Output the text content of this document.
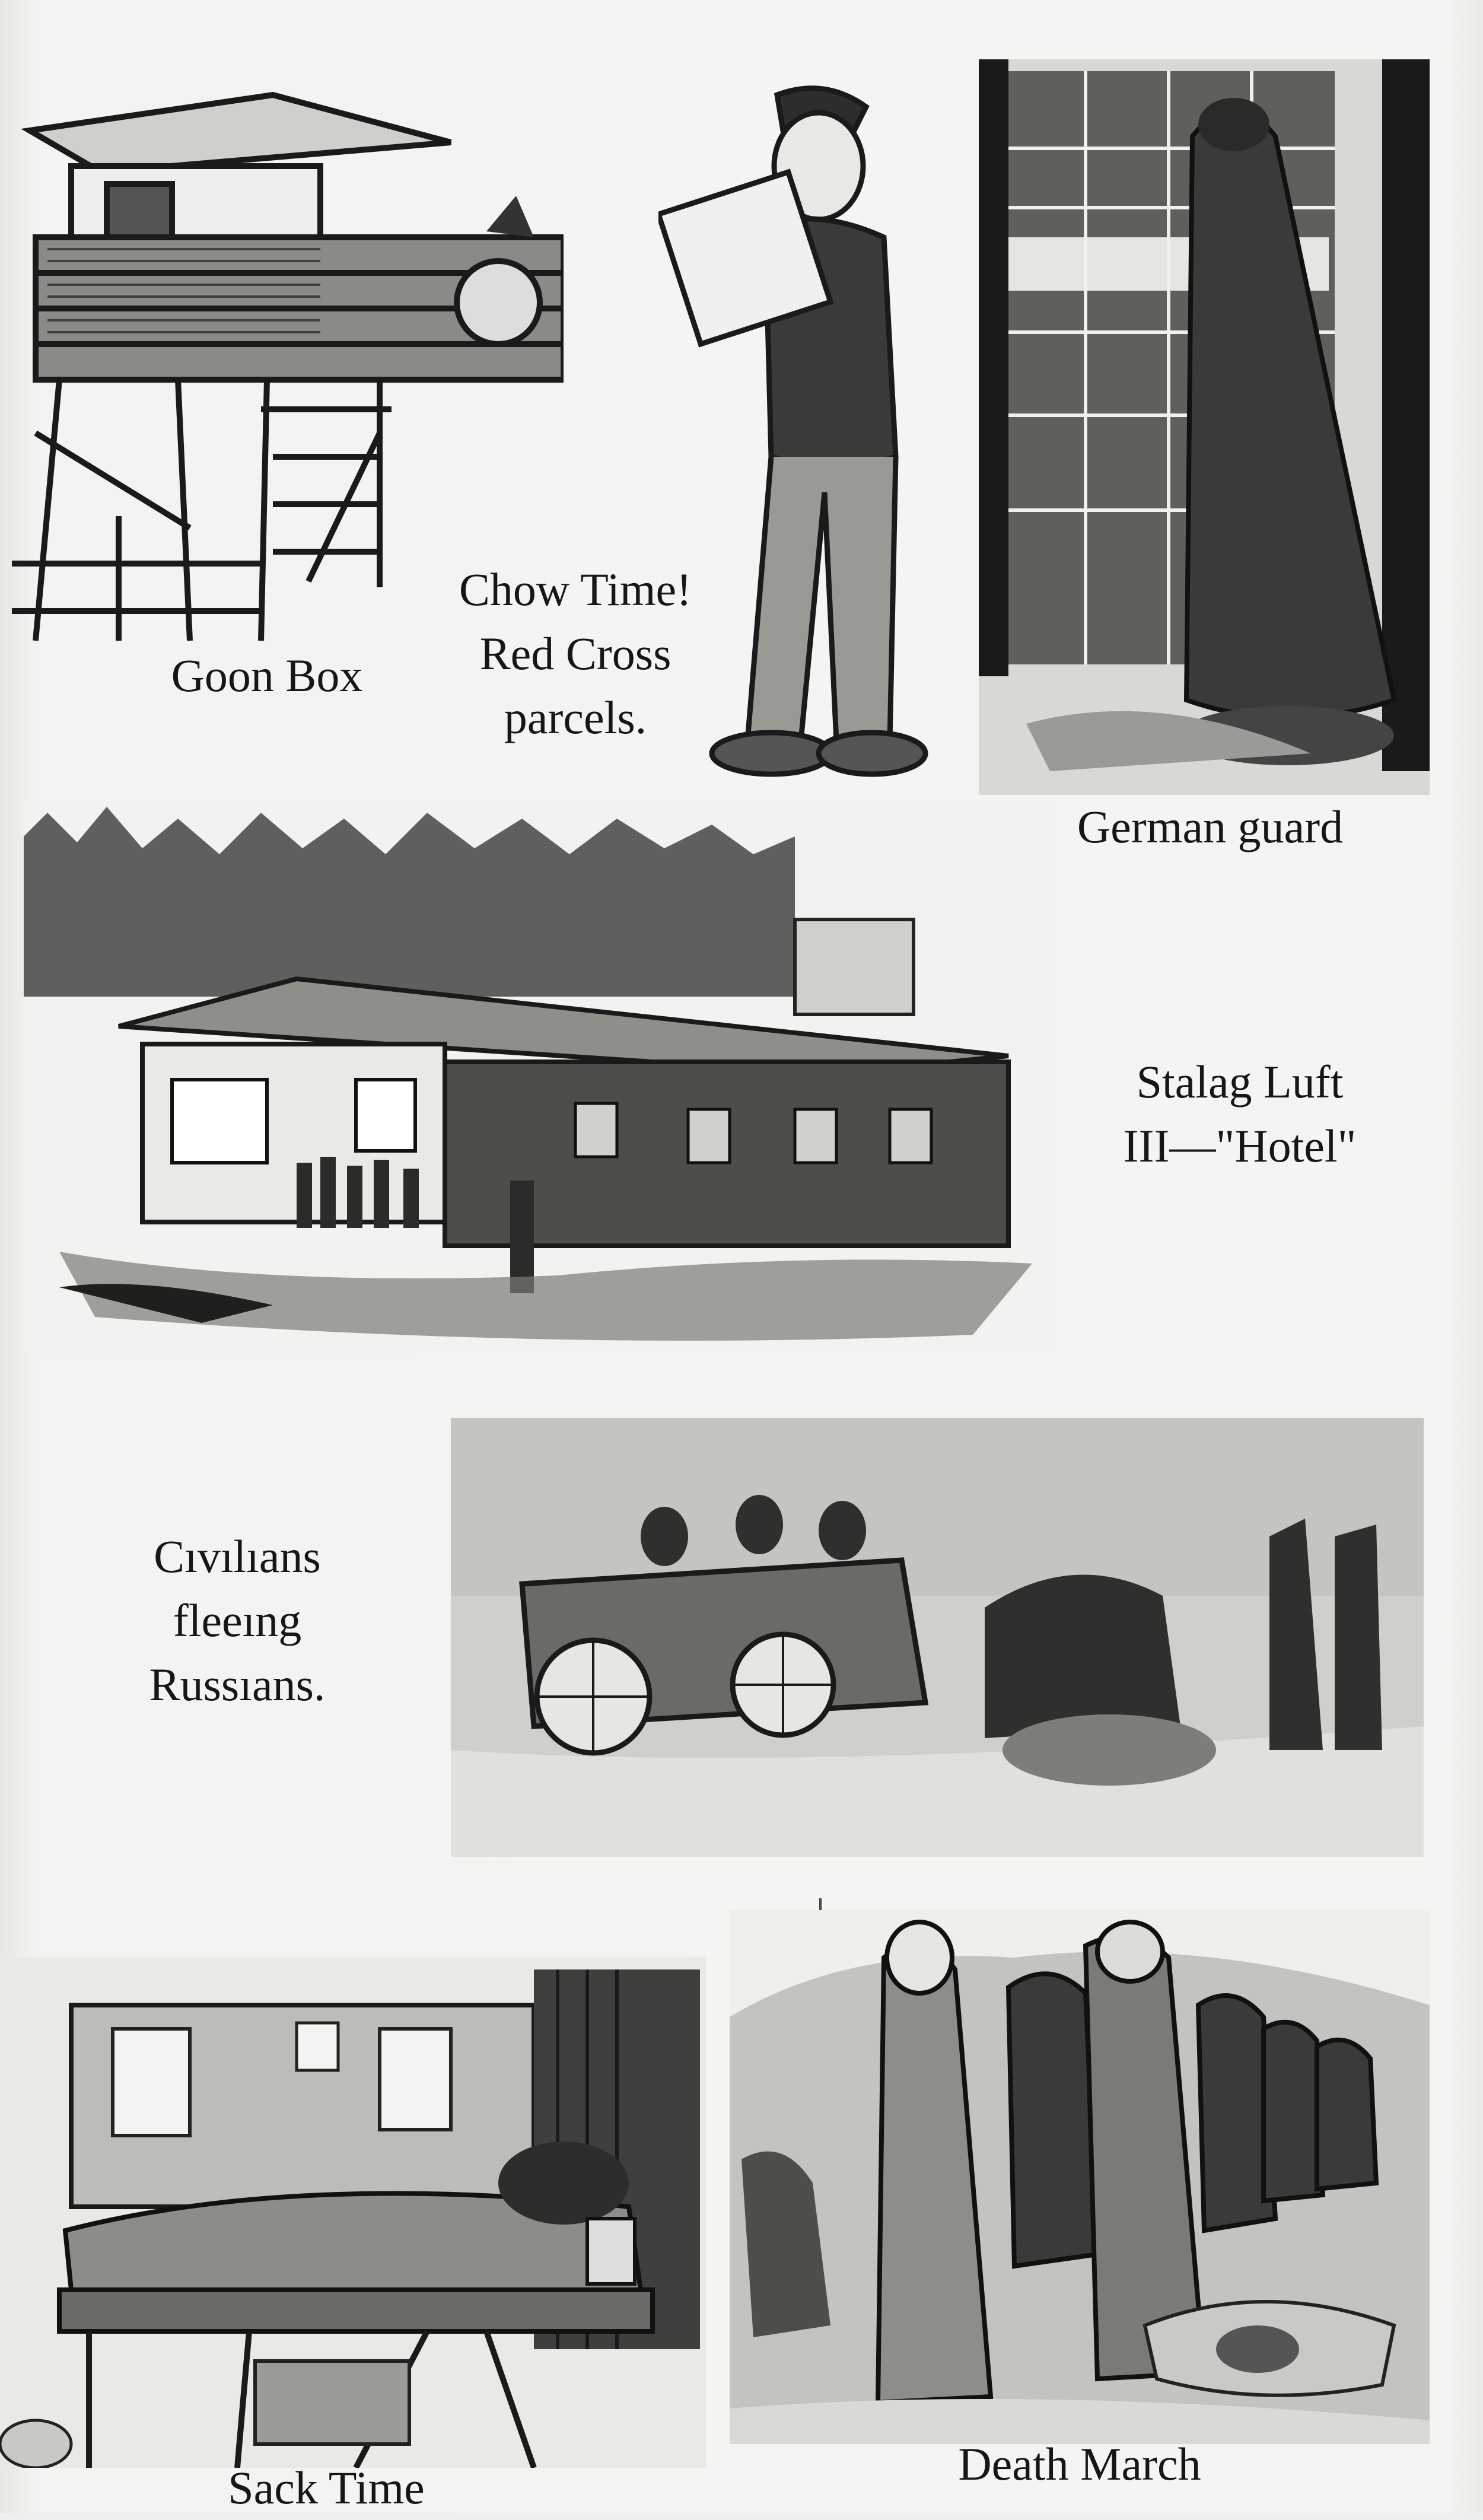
Goon Box
Chow Time!
Red Cross
parcels.
German guard
Stalag Luft
III—"Hotel"
Cıvılıans
fleeıng
Russıans.
Sack Time	Death March
